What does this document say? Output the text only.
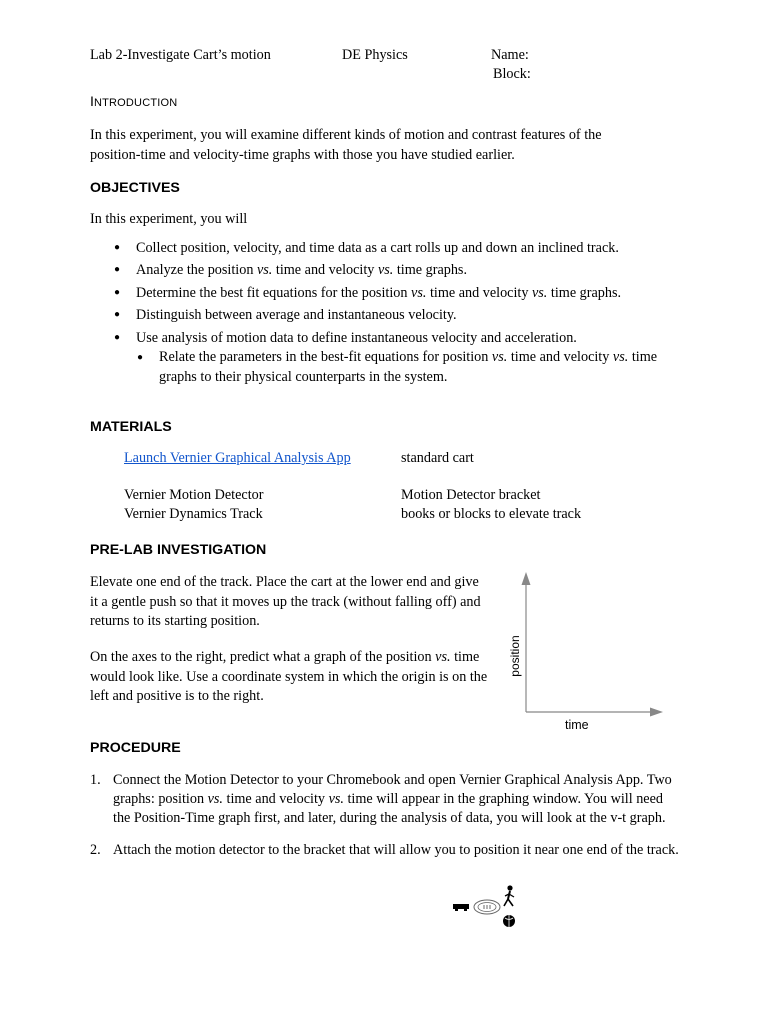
Lab 2-Investigate Cart’s motion	DE Physics	Name:
Block:
INTRODUCTION
In this experiment, you will examine different kinds of motion and contrast features of the position-time and velocity-time graphs with those you have studied earlier.
OBJECTIVES
In this experiment, you will
● Collect position, velocity, and time data as a cart rolls up and down an inclined track.
● Analyze the position vs. time and velocity vs. time graphs.
● Determine the best fit equations for the position vs. time and velocity vs. time graphs.
● Distinguish between average and instantaneous velocity.
● Use analysis of motion data to define instantaneous velocity and acceleration.
● Relate the parameters in the best-fit equations for position vs. time and velocity vs. time graphs to their physical counterparts in the system.
MATERIALS
Launch Vernier Graphical Analysis App
Vernier Motion Detector
Vernier Dynamics Track
standard cart
Motion Detector bracket
books or blocks to elevate track
PRE-LAB INVESTIGATION
Elevate one end of the track. Place the cart at the lower end and give it a gentle push so that it moves up the track (without falling off) and returns to its starting position.
On the axes to the right, predict what a graph of the position vs. time would look like. Use a coordinate system in which the origin is on the left and positive is to the right.
position
time
PROCEDURE
1. Connect the Motion Detector to your Chromebook and open Vernier Graphical Analysis App. Two graphs: position vs. time and velocity vs. time will appear in the graphing window. You will need the Position-Time graph first, and later, during the analysis of data, you will look at the v-t graph.
2. Attach the motion detector to the bracket that will allow you to position it near one end of the track.
